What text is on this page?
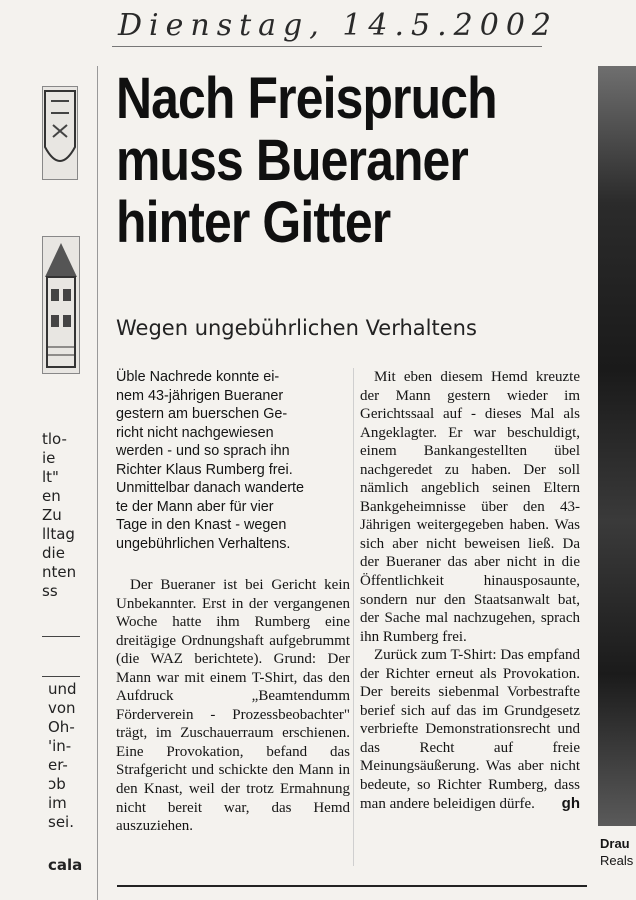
Dienstag, 14.5.2002
tlo-
ie
lt"
en
Zu
lltag
die
nten
ss
und
von
Oh-
'in-
er-
ɔb
im
sei.
cala
Nach Freispruch
muss Bueraner
hinter Gitter
Wegen ungebührlichen Verhaltens
Üble Nachrede konnte ei-
nem 43-jährigen Bueraner
gestern am buerschen Ge-
richt nicht nachgewiesen
werden - und so sprach ihn
Richter Klaus Rumberg frei.
Unmittelbar danach wanderte
te der Mann aber für vier
Tage in den Knast - wegen
ungebührlichen Verhaltens.

Der Bueraner ist bei Gericht kein Unbekannter. Erst in der vergangenen Woche hatte ihm Rumberg eine dreitägige Ordnungshaft aufgebrummt (die WAZ berichtete). Grund: Der Mann war mit einem T-Shirt, das den Aufdruck „Beamtendumm Förderverein - Prozessbeobachter" trägt, im Zuschauerraum erschienen. Eine Provokation, befand das Strafgericht und schickte den Mann in den Knast, weil der trotz Ermahnung nicht bereit war, das Hemd auszuziehen.

Mit eben diesem Hemd kreuzte der Mann gestern wieder im Gerichtssaal auf - dieses Mal als Angeklagter. Er war beschuldigt, einem Bankangestellten übel nachgeredet zu haben. Der soll nämlich angeblich seinen Eltern Bankgeheimnisse über den 43-Jährigen weitergegeben haben. Was sich aber nicht beweisen ließ. Da der Bueraner das aber nicht in die Öffentlichkeit hinausposaunte, sondern nur den Staatsanwalt bat, der Sache mal nachzugehen, sprach ihn Rumberg frei.

Zurück zum T-Shirt: Das empfand der Richter erneut als Provokation. Der bereits siebenmal Vorbestrafte berief sich auf das im Grundgesetz verbriefte Demonstrationsrecht und das Recht auf freie Meinungsäußerung. Was aber nicht bedeute, so Richter Rumberg, dass man andere beleidigen dürfe.	gh

Drau
Reals
